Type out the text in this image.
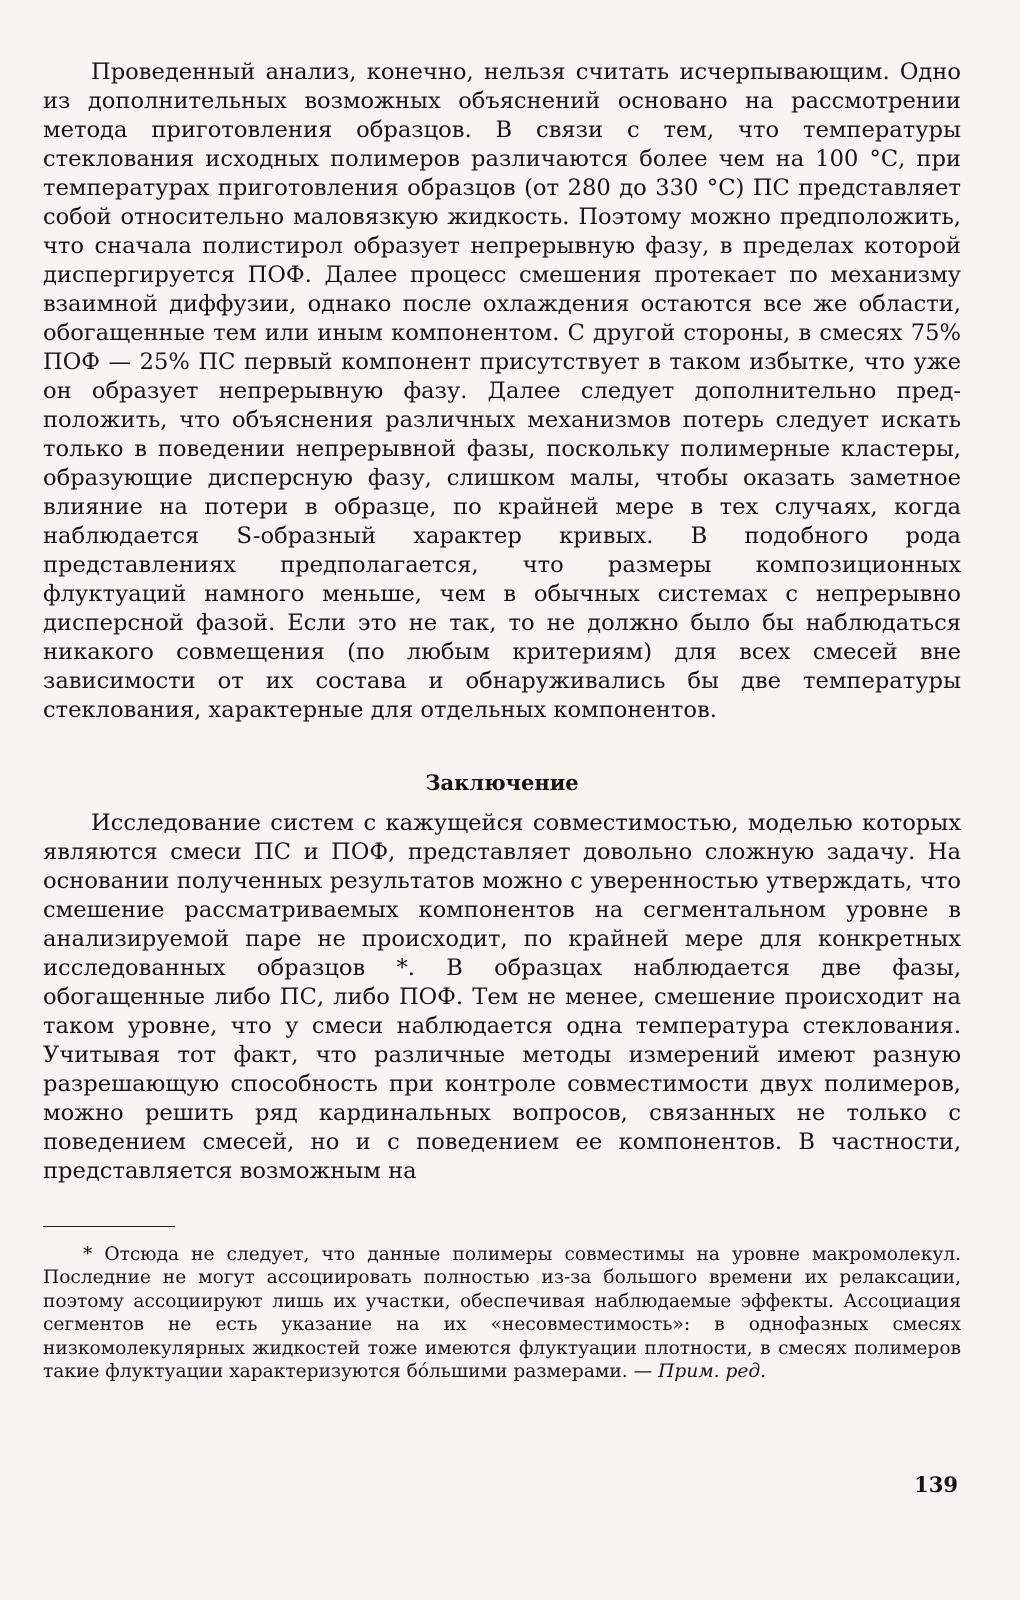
Проведенный анализ, конечно, нельзя считать исчерпывающим. Одно из дополнительных возможных объяснений основано на рассмотрении метода приготовления образцов. В связи с тем, что температуры стеклования исходных полимеров различаются более чем на 100 °С, при температурах приготовления образцов (от 280 до 330 °С) ПС представляет собой относительно маловязкую жидкость. Поэтому можно предположить, что сначала полистирол образует непрерывную фазу, в пределах которой диспергируется ПОФ. Далее процесс смешения протекает по механизму взаимной диффузии, однако после охлаждения остаются все же области, обогащенные тем или иным компонентом. С другой стороны, в смесях 75% ПОФ — 25% ПС первый компонент присутствует в таком избытке, что уже он образует непрерывную фазу. Далее следует дополнительно предположить, что объяснения различных механизмов потерь следует искать только в поведении непрерывной фазы, поскольку полимерные кластеры, образующие дисперсную фазу, слишком малы, чтобы оказать заметное влияние на потери в образце, по крайней мере в тех случаях, когда наблюдается S-образный характер кривых. В подобного рода представлениях предполагается, что размеры композиционных флуктуаций намного меньше, чем в обычных системах с непрерывно дисперсной фазой. Если это не так, то не должно было бы наблюдаться никакого совмещения (по любым критериям) для всех смесей вне зависимости от их состава и обнаруживались бы две температуры стеклования, характерные для отдельных компонентов.

Заключение

Исследование систем с кажущейся совместимостью, моделью которых являются смеси ПС и ПОФ, представляет довольно сложную задачу. На основании полученных результатов можно с уверенностью утверждать, что смешение рассматриваемых компонентов на сегментальном уровне в анализируемой паре не происходит, по крайней мере для конкретных исследованных образцов *. В образцах наблюдается две фазы, обогащенные либо ПС, либо ПОФ. Тем не менее, смешение происходит на таком уровне, что у смеси наблюдается одна температура стеклования. Учитывая тот факт, что различные методы измерений имеют разную разрешающую способность при контроле совместимости двух полимеров, можно решить ряд кардинальных вопросов, связанных не только с поведением смесей, но и с поведением ее компонентов. В частности, представляется возможным на

* Отсюда не следует, что данные полимеры совместимы на уровне макромолекул. Последние не могут ассоциировать полностью из-за большого времени их релаксации, поэтому ассоциируют лишь их участки, обеспечивая наблюдаемые эффекты. Ассоциация сегментов не есть указание на их «несовместимость»: в однофазных смесях низкомолекулярных жидкостей тоже имеются флуктуации плотности, в смесях полимеров такие флуктуации характеризуются бо́льшими размерами. — Прим. ред.

139
